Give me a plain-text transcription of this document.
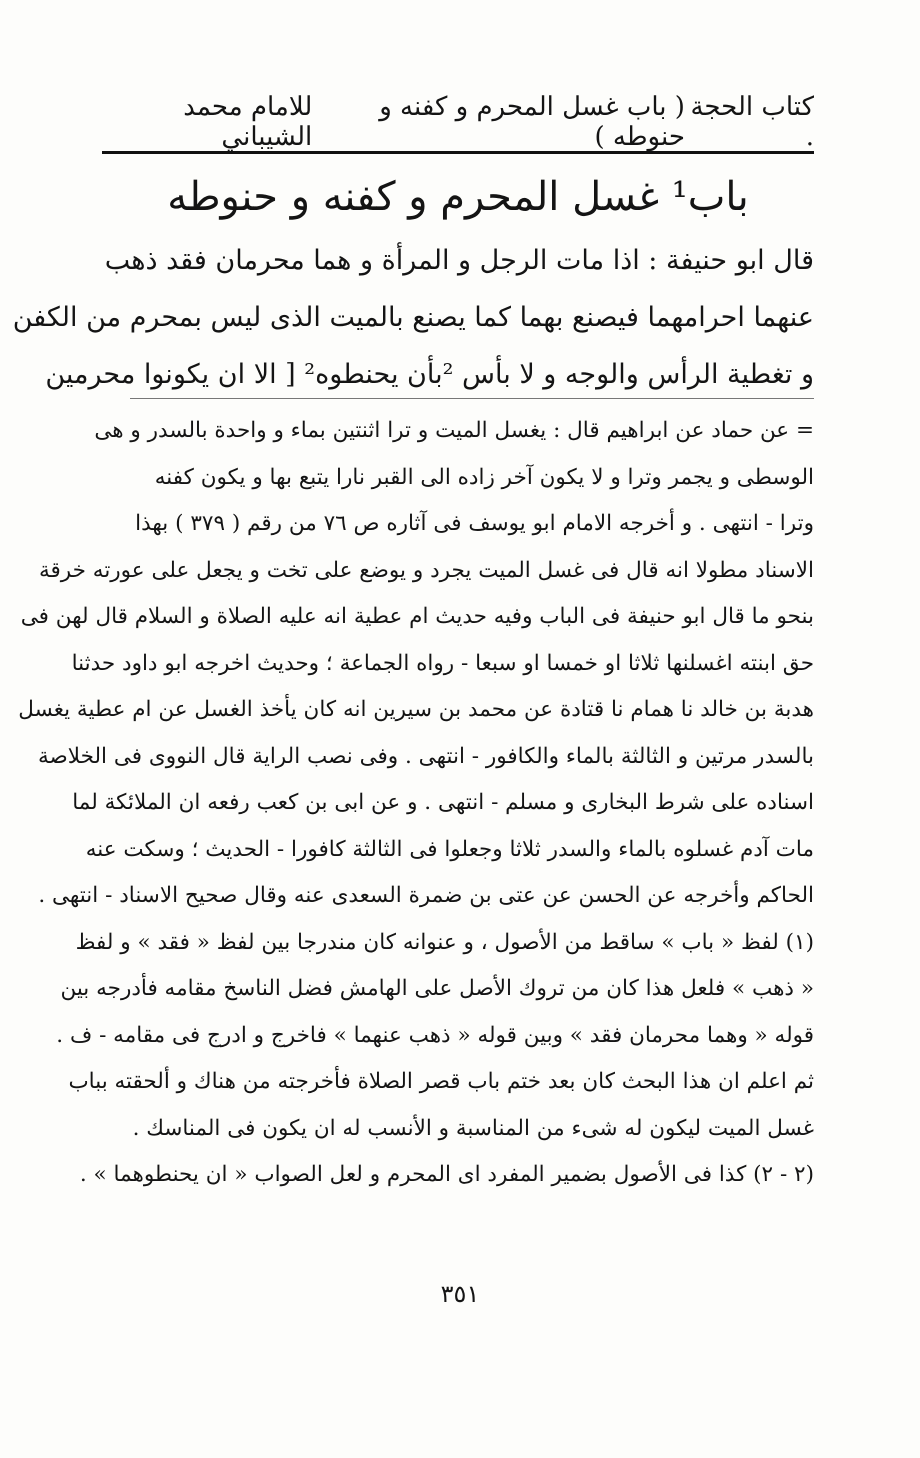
كتاب الحجة .
( باب غسل المحرم و كفنه و حنوطه )
للامام محمد الشيباني
باب¹ غسل المحرم و كفنه و حنوطه
قال ابو حنيفة : اذا مات الرجل و المرأة و هما محرمان فقد ذهب
عنهما احرامهما فيصنع بهما كما يصنع بالميت الذى ليس بمحرم من الكفن
و تغطية الرأس والوجه و لا بأس ²بأن يحنطوه² [ الا ان يكونوا محرمين
= عن حماد عن ابراهيم قال : يغسل الميت و ترا اثنتين بماء و واحدة بالسدر و هى
الوسطى و يجمر وترا و لا يكون آخر زاده الى القبر نارا يتبع بها و يكون كفنه
وترا - انتهى . و أخرجه الامام ابو يوسف فى آثاره ص ٧٦ من رقم ( ٣٧٩ ) بهذا
الاسناد مطولا انه قال فى غسل الميت يجرد و يوضع على تخت و يجعل على عورته خرقة
بنحو ما قال ابو حنيفة فى الباب وفيه حديث ام عطية انه عليه الصلاة و السلام قال لهن فى
حق ابنته اغسلنها ثلاثا او خمسا او سبعا - رواه الجماعة ؛ وحديث اخرجه ابو داود حدثنا
هدبة بن خالد نا همام نا قتادة عن محمد بن سيرين انه كان يأخذ الغسل عن ام عطية يغسل
بالسدر مرتين و الثالثة بالماء والكافور - انتهى . وفى نصب الراية قال النووى فى الخلاصة
اسناده على شرط البخارى و مسلم - انتهى . و عن ابى بن كعب رفعه ان الملائكة لما
مات آدم غسلوه بالماء والسدر ثلاثا وجعلوا فى الثالثة كافورا - الحديث ؛ وسكت عنه
الحاكم وأخرجه عن الحسن عن عتى بن ضمرة السعدى عنه وقال صحيح الاسناد - انتهى .
(١) لفظ « باب » ساقط من الأصول ، و عنوانه كان مندرجا بين لفظ « فقد » و لفظ
« ذهب » فلعل هذا كان من تروك الأصل على الهامش فضل الناسخ مقامه فأدرجه بين
قوله « وهما محرمان فقد » وبين قوله « ذهب عنهما » فاخرج و ادرج فى مقامه - ف .
ثم اعلم ان هذا البحث كان بعد ختم باب قصر الصلاة فأخرجته من هناك و ألحقته بباب
غسل الميت ليكون له شىء من المناسبة و الأنسب له ان يكون فى المناسك .
(٢ - ٢) كذا فى الأصول بضمير المفرد اى المحرم و لعل الصواب « ان يحنطوهما » .
٣٥١
